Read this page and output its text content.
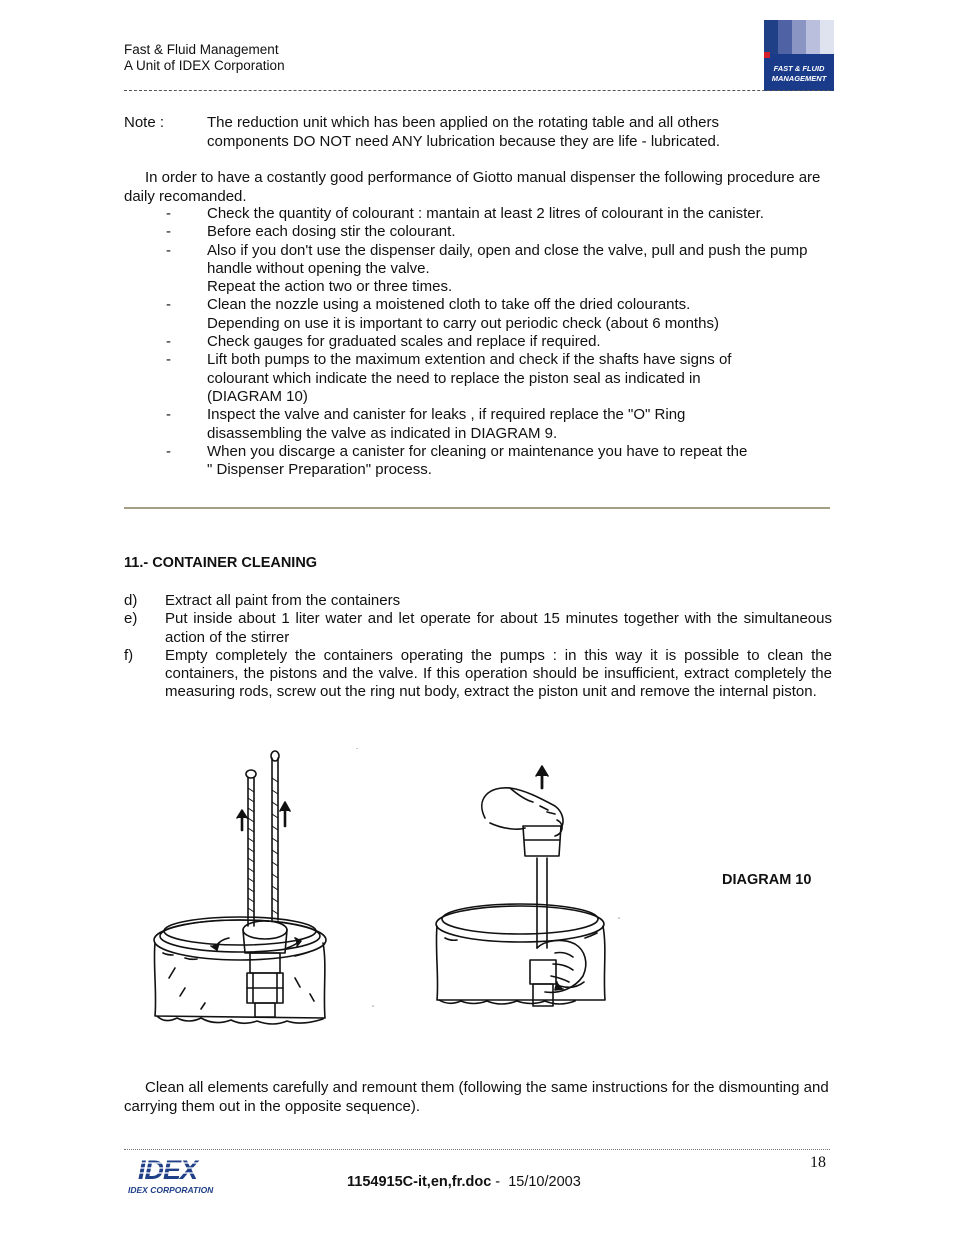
Fast & Fluid Management
A Unit of IDEX Corporation	FAST & FLUID
MANAGEMENT
Note :	The reduction unit which has been applied on the rotating table and all others
components DO NOT need ANY lubrication because they are life - lubricated.
In order to have a costantly good performance of Giotto manual dispenser the following procedure are daily recomanded.
- Check the quantity of colourant : mantain at least 2 litres of colourant in the canister.
- Before each dosing stir the colourant.
- Also if you don't use the dispenser daily, open and close the valve, pull and push the pump
handle without opening the valve.
Repeat the action two or three times.
- Clean the nozzle using a moistened cloth to take off the dried colourants.
Depending on use it is important to carry out periodic check (about 6 months)
- Check gauges for graduated scales and replace if required.
- Lift both pumps to the maximum extention and check if the shafts have signs of
colourant which indicate the need to replace the piston seal as indicated in
(DIAGRAM 10)
- Inspect the valve and canister for leaks , if required replace the "O" Ring
disassembling the valve as indicated in DIAGRAM 9.
- When you discarge a canister for cleaning or maintenance you have to repeat the
" Dispenser Preparation" process.
11.- CONTAINER CLEANING
d) Extract all paint from the containers
e) Put inside about 1 liter water and let operate for about 15 minutes together with the simultaneous action of the stirrer
f) Empty completely the containers operating the pumps : in this way it is possible to clean the containers, the pistons and the valve. If this operation should be insufficient, extract completely the measuring rods, screw out the ring nut body, extract the piston unit and remove the internal piston.
DIAGRAM 10
Clean all elements carefully and remount them (following the same instructions for the dismounting and carrying them out in the opposite sequence).
IDEX
IDEX CORPORATION
18
1154915C-it,en,fr.doc -  15/10/2003
